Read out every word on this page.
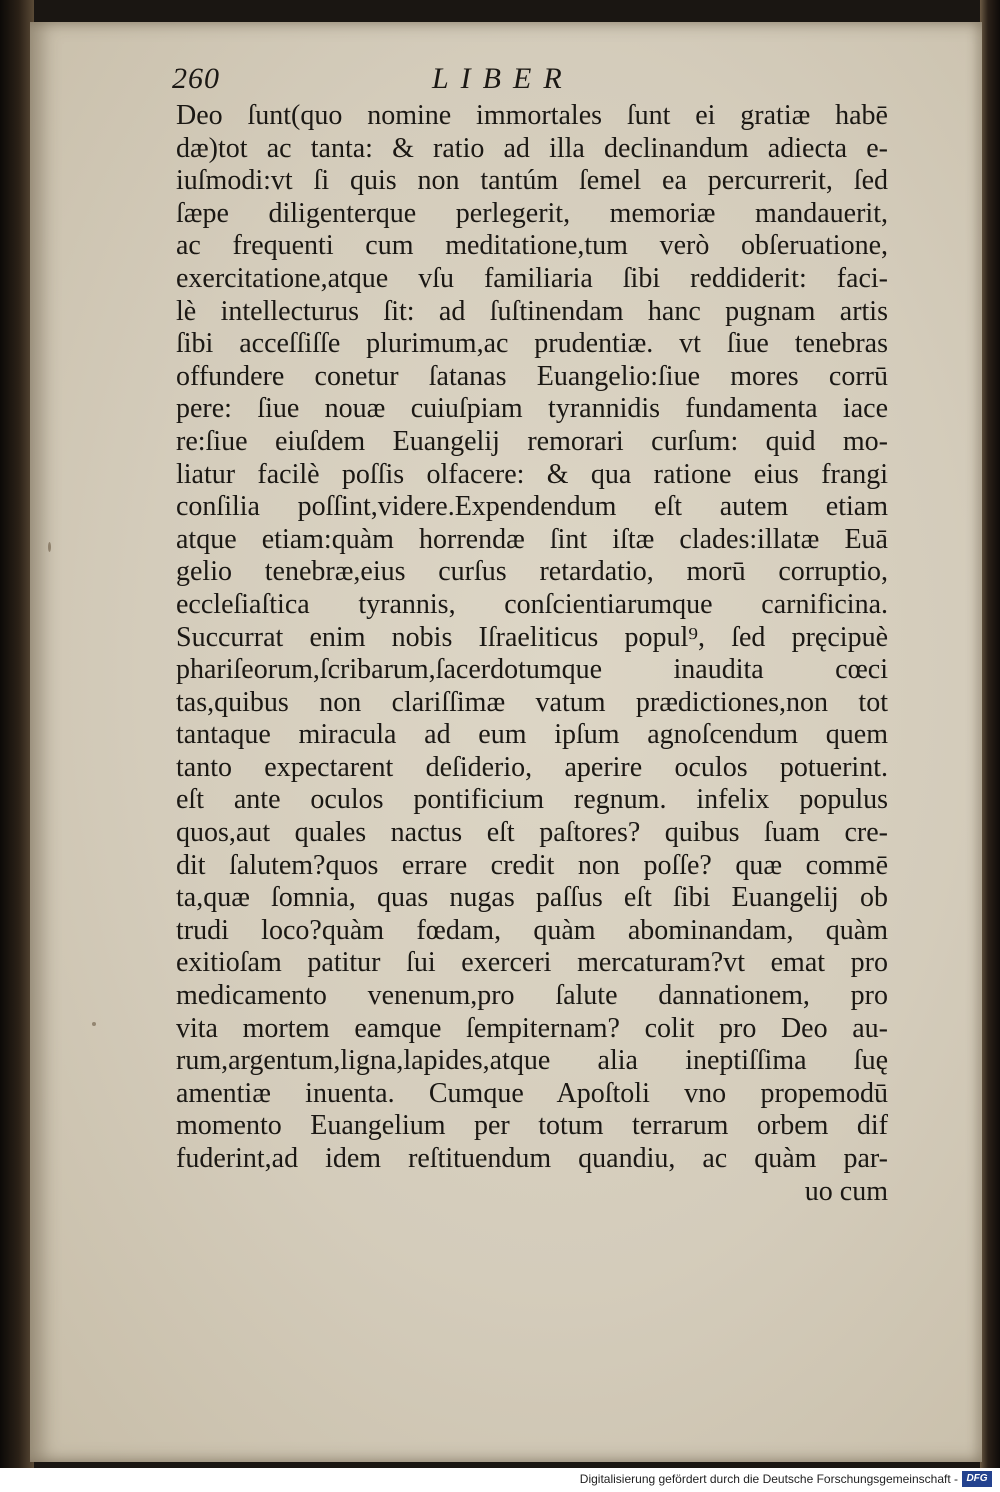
260	LIBER
Deo ſunt(quo nomine immortales ſunt ei gratiæ habē
dæ)tot ac tanta: & ratio ad illa declinandum adiecta e-
iuſmodi:vt ſi quis non tantúm ſemel ea percurrerit, ſed
ſæpe diligenterque perlegerit, memoriæ mandauerit,
ac frequenti cum meditatione,tum verò obſeruatione,
exercitatione,atque vſu familiaria ſibi reddiderit: faci-
lè intellecturus ſit: ad ſuſtinendam hanc pugnam artis
ſibi acceſſiſſe plurimum,ac prudentiæ. vt ſiue tenebras
offundere conetur ſatanas Euangelio:ſiue mores corrū
pere: ſiue nouæ cuiuſpiam tyrannidis fundamenta iace
re:ſiue eiuſdem Euangelij remorari curſum: quid mo-
liatur facilè poſſis olfacere: & qua ratione eius frangi
conſilia poſſint,videre.Expendendum eſt autem etiam
atque etiam:quàm horrendæ ſint iſtæ clades:illatæ Euā
gelio tenebræ,eius curſus retardatio, morū corruptio,
eccleſiaſtica tyrannis, conſcientiarumque carnificina.
Succurrat enim nobis Iſraeliticus popul⁹, ſed pręcipuè
phariſeorum,ſcribarum,ſacerdotumque inaudita cœci
tas,quibus non clariſſimæ vatum prædictiones,non tot
tantaque miracula ad eum ipſum agnoſcendum quem
tanto expectarent deſiderio, aperire oculos potuerint.
eſt ante oculos pontificium regnum. infelix populus
quos,aut quales nactus eſt paſtores? quibus ſuam cre-
dit ſalutem?quos errare credit non poſſe? quæ commē
ta,quæ ſomnia, quas nugas paſſus eſt ſibi Euangelij ob
trudi loco?quàm fœdam, quàm abominandam, quàm
exitioſam patitur ſui exerceri mercaturam?vt emat pro
medicamento venenum,pro ſalute dannationem, pro
vita mortem eamque ſempiternam? colit pro Deo au-
rum,argentum,ligna,lapides,atque alia ineptiſſima ſuę
amentiæ inuenta. Cumque Apoſtoli vno propemodū
momento Euangelium per totum terrarum orbem dif
fuderint,ad idem reſtituendum quandiu, ac quàm par-
uo cum
Digitalisierung gefördert durch die Deutsche Forschungsgemeinschaft - DFG
